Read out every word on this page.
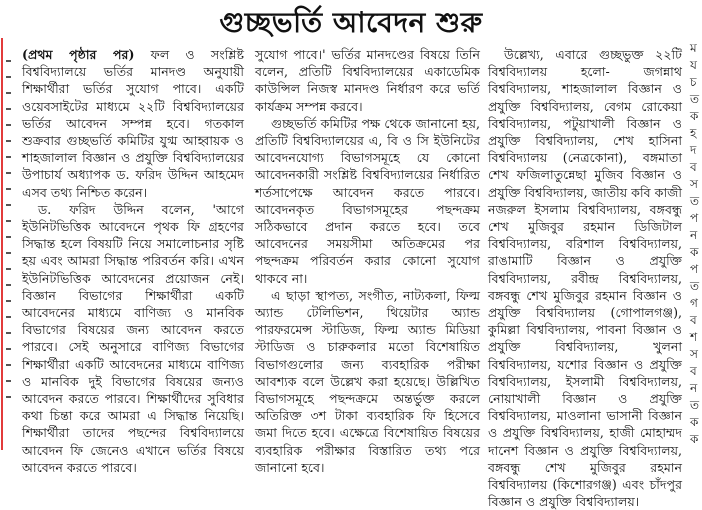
গুচ্ছভর্তি আবেদন শুরু

(প্রথম পৃষ্ঠার পর) ফল ও সংশ্লিষ্ট বিশ্ববিদ্যালয়ে ভর্তির মানদণ্ড অনুযায়ী শিক্ষার্থীরা ভর্তির সুযোগ পাবে। একটি ওয়েবসাইটের মাধ্যমে ২২টি বিশ্ববিদ্যালয়ের ভর্তির আবেদন সম্পন্ন হবে। গতকাল শুক্রবার গুচ্ছভর্তি কমিটির যুগ্ম আহ্বায়ক ও শাহজালাল বিজ্ঞান ও প্রযুক্তি বিশ্ববিদ্যালয়ের উপাচার্য অধ্যাপক ড. ফরিদ উদ্দিন আহমেদ এসব তথ্য নিশ্চিত করেন।

ড. ফরিদ উদ্দিন বলেন, 'আগে ইউনিটভিত্তিক আবেদনে পৃথক ফি গ্রহণের সিদ্ধান্ত হলে বিষয়টি নিয়ে সমালোচনার সৃষ্টি হয় এবং আমরা সিদ্ধান্ত পরিবর্তন করি। এখন ইউনিটভিত্তিক আবেদনের প্রয়োজন নেই। বিজ্ঞান বিভাগের শিক্ষার্থীরা একটি আবেদনের মাধ্যমে বাণিজ্য ও মানবিক বিভাগের বিষয়ের জন্য আবেদন করতে পারবে। সেই অনুসারে বাণিজ্য বিভাগের শিক্ষার্থীরা একটি আবেদনের মাধ্যমে বাণিজ্য ও মানবিক দুই বিভাগের বিষয়ের জন্যও আবেদন করতে পারবে। শিক্ষার্থীদের সুবিধার কথা চিন্তা করে আমরা এ সিদ্ধান্ত নিয়েছি। শিক্ষার্থীরা তাদের পছন্দের বিশ্ববিদ্যালয়ে আবেদন ফি জেনেও এখানে ভর্তির বিষয়ে আবেদন করতে পারবে।

সুযোগ পাবে।' ভর্তির মানদণ্ডের বিষয়ে তিনি বলেন, প্রতিটি বিশ্ববিদ্যালয়ের একাডেমিক কাউন্সিল নিজস্ব মানদণ্ড নির্ধারণ করে ভর্তি কার্যক্রম সম্পন্ন করবে।

গুচ্ছভর্তি কমিটির পক্ষ থেকে জানানো হয়, প্রতিটি বিশ্ববিদ্যালয়ের এ, বি ও সি ইউনিটের আবেদনযোগ্য বিভাগসমূহে যে কোনো আবেদনকারী সংশ্লিষ্ট বিশ্ববিদ্যালয়ের নির্ধারিত শর্তসাপেক্ষে আবেদন করতে পারবে। আবেদনকৃত বিভাগসমূহের পছন্দক্রম সঠিকভাবে প্রদান করতে হবে। তবে আবেদনের সময়সীমা অতিক্রমের পর পছন্দক্রম পরিবর্তন করার কোনো সুযোগ থাকবে না।

এ ছাড়া স্থাপত্য, সংগীত, নাট্যকলা, ফিল্ম অ্যান্ড টেলিভিশন, থিয়েটার অ্যান্ড পারফরমেন্স স্টাডিজ, ফিল্ম অ্যান্ড মিডিয়া স্টাডিজ ও চারুকলার মতো বিশেষায়িত বিভাগগুলোর জন্য ব্যবহারিক পরীক্ষা আবশ্যক বলে উল্লেখ করা হয়েছে। উল্লিখিত বিভাগসমূহে পছন্দক্রমে অন্তর্ভুক্ত করলে অতিরিক্ত ৩শ টাকা ব্যবহারিক ফি হিসেবে জমা দিতে হবে। এক্ষেত্রে বিশেষায়িত বিষয়ের ব্যবহারিক পরীক্ষার বিস্তারিত তথ্য পরে জানানো হবে।

উল্লেখ্য, এবারে গুচ্ছভুক্ত ২২টি বিশ্ববিদ্যালয় হলো- জগন্নাথ বিশ্ববিদ্যালয়, শাহজালাল বিজ্ঞান ও প্রযুক্তি বিশ্ববিদ্যালয়, বেগম রোকেয়া বিশ্ববিদ্যালয়, পটুয়াখালী বিজ্ঞান ও প্রযুক্তি বিশ্ববিদ্যালয়, শেখ হাসিনা বিশ্ববিদ্যালয় (নেত্রকোনা), বঙ্গমাতা শেখ ফজিলাতুন্নেছা মুজিব বিজ্ঞান ও প্রযুক্তি বিশ্ববিদ্যালয়, জাতীয় কবি কাজী নজরুল ইসলাম বিশ্ববিদ্যালয়, বঙ্গবন্ধু শেখ মুজিবুর রহমান ডিজিটাল বিশ্ববিদ্যালয়, বরিশাল বিশ্ববিদ্যালয়, রাঙামাটি বিজ্ঞান ও প্রযুক্তি বিশ্ববিদ্যালয়, রবীন্দ্র বিশ্ববিদ্যালয়, বঙ্গবন্ধু শেখ মুজিবুর রহমান বিজ্ঞান ও প্রযুক্তি বিশ্ববিদ্যালয় (গোপালগঞ্জ), কুমিল্লা বিশ্ববিদ্যালয়, পাবনা বিজ্ঞান ও প্রযুক্তি বিশ্ববিদ্যালয়, খুলনা বিশ্ববিদ্যালয়, যশোর বিজ্ঞান ও প্রযুক্তি বিশ্ববিদ্যালয়, ইসলামী বিশ্ববিদ্যালয়, নোয়াখালী বিজ্ঞান ও প্রযুক্তি বিশ্ববিদ্যালয়, মাওলানা ভাসানী বিজ্ঞান ও প্রযুক্তি বিশ্ববিদ্যালয়, হাজী মোহাম্মদ দানেশ বিজ্ঞান ও প্রযুক্তি বিশ্ববিদ্যালয়, বঙ্গবন্ধু শেখ মুজিবুর রহমান বিশ্ববিদ্যালয় (কিশোরগঞ্জ) এবং চাঁদপুর বিজ্ঞান ও প্রযুক্তি বিশ্ববিদ্যালয়।

ম
য
চ
ত
ক
হ
দ
ব
স
ত
প
ন
ক
প
ত
গ
ব
শ
স
ব
ন
ত
ক
ক
